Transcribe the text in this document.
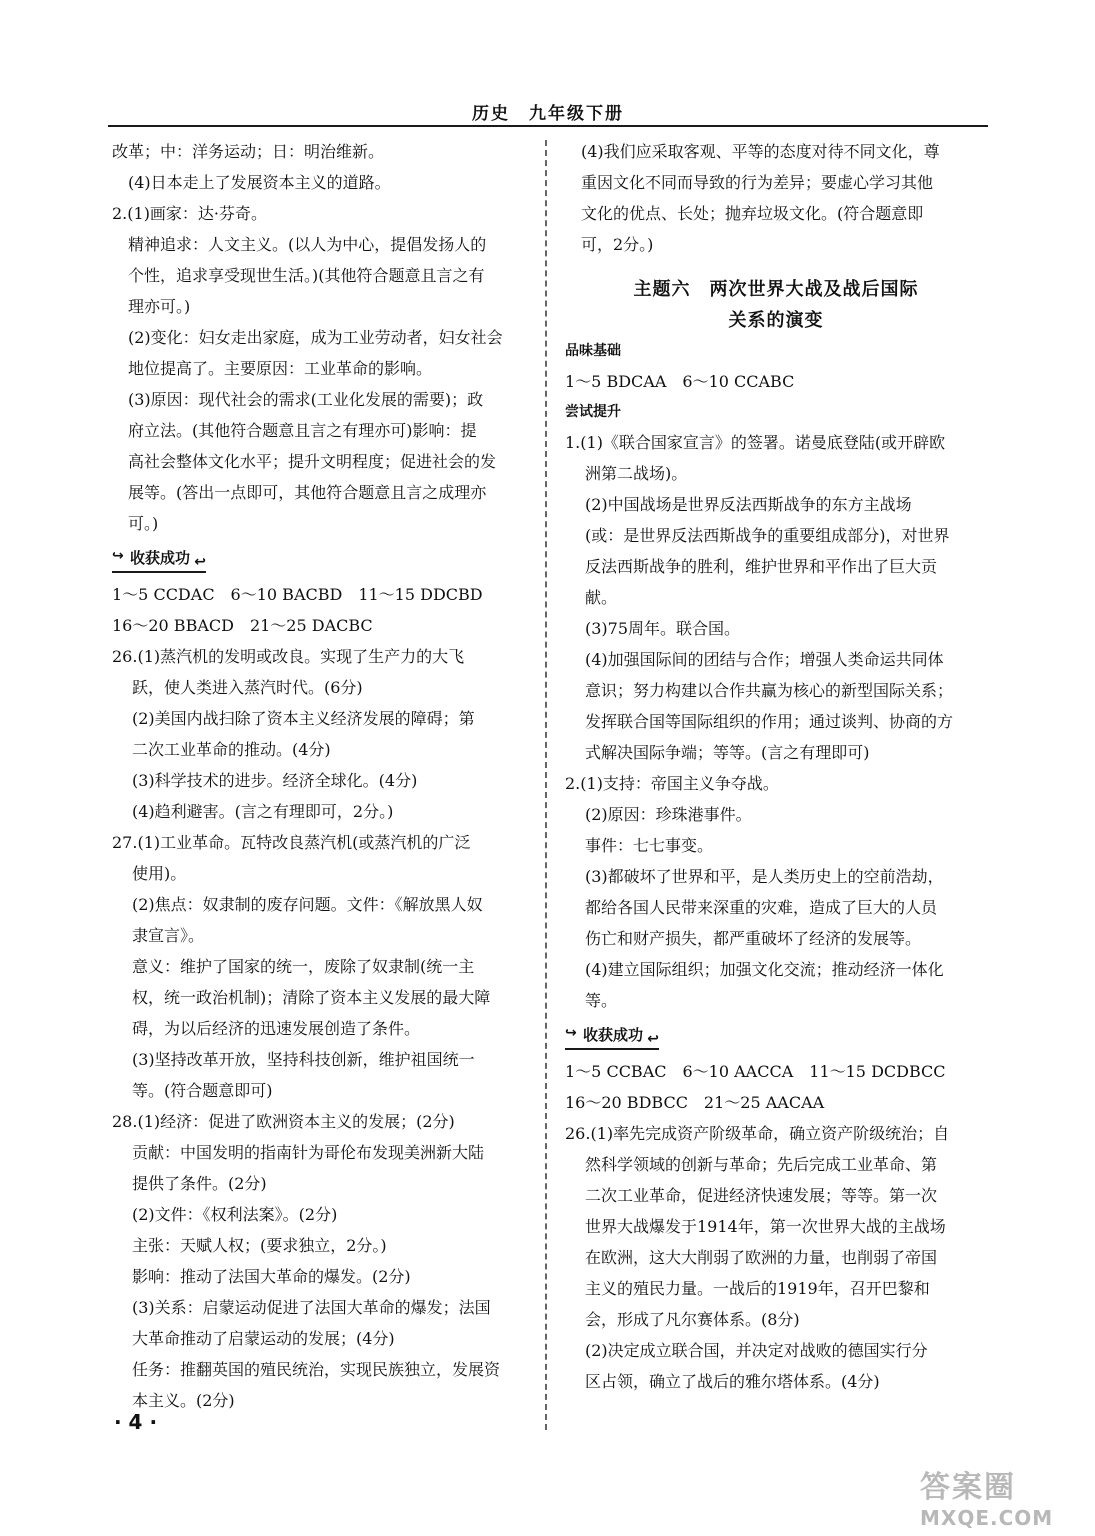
历史　九年级下册
改革；中：洋务运动；日：明治维新。
(4)日本走上了发展资本主义的道路。
2.(1)画家：达·芬奇。
精神追求：人文主义。(以人为中心，提倡发扬人的
个性，追求享受现世生活。)(其他符合题意且言之有
理亦可。)
(2)变化：妇女走出家庭，成为工业劳动者，妇女社会
地位提高了。主要原因：工业革命的影响。
(3)原因：现代社会的需求(工业化发展的需要)；政
府立法。(其他符合题意且言之有理亦可)影响：提
高社会整体文化水平；提升文明程度；促进社会的发
展等。(答出一点即可，其他符合题意且言之成理亦
可。)
↪ 收获成功 ↩
1～5 CCDAC　6～10 BACBD　11～15 DDCBD
16～20 BBACD　21～25 DACBC
26.(1)蒸汽机的发明或改良。实现了生产力的大飞
跃，使人类进入蒸汽时代。(6分)
(2)美国内战扫除了资本主义经济发展的障碍；第
二次工业革命的推动。(4分)
(3)科学技术的进步。经济全球化。(4分)
(4)趋利避害。(言之有理即可，2分。)
27.(1)工业革命。瓦特改良蒸汽机(或蒸汽机的广泛
使用)。
(2)焦点：奴隶制的废存问题。文件：《解放黑人奴
隶宣言》。
意义：维护了国家的统一，废除了奴隶制(统一主
权，统一政治机制)；清除了资本主义发展的最大障
碍，为以后经济的迅速发展创造了条件。
(3)坚持改革开放，坚持科技创新，维护祖国统一
等。(符合题意即可)
28.(1)经济：促进了欧洲资本主义的发展；(2分)
贡献：中国发明的指南针为哥伦布发现美洲新大陆
提供了条件。(2分)
(2)文件：《权利法案》。(2分)
主张：天赋人权；(要求独立，2分。)
影响：推动了法国大革命的爆发。(2分)
(3)关系：启蒙运动促进了法国大革命的爆发；法国
大革命推动了启蒙运动的发展；(4分)
任务：推翻英国的殖民统治，实现民族独立，发展资
本主义。(2分)
(4)我们应采取客观、平等的态度对待不同文化，尊
重因文化不同而导致的行为差异；要虚心学习其他
文化的优点、长处；抛弃垃圾文化。(符合题意即
可，2分。)
主题六　两次世界大战及战后国际
关系的演变
品味基础
1～5 BDCAA　6～10 CCABC
尝试提升
1.(1)《联合国家宣言》的签署。诺曼底登陆(或开辟欧
洲第二战场)。
(2)中国战场是世界反法西斯战争的东方主战场
(或：是世界反法西斯战争的重要组成部分)，对世界
反法西斯战争的胜利，维护世界和平作出了巨大贡
献。
(3)75周年。联合国。
(4)加强国际间的团结与合作；增强人类命运共同体
意识；努力构建以合作共赢为核心的新型国际关系；
发挥联合国等国际组织的作用；通过谈判、协商的方
式解决国际争端；等等。(言之有理即可)
2.(1)支持：帝国主义争夺战。
(2)原因：珍珠港事件。
事件：七七事变。
(3)都破坏了世界和平，是人类历史上的空前浩劫，
都给各国人民带来深重的灾难，造成了巨大的人员
伤亡和财产损失，都严重破坏了经济的发展等。
(4)建立国际组织；加强文化交流；推动经济一体化
等。
↪ 收获成功 ↩
1～5 CCBAC　6～10 AACCA　11～15 DCDBCC
16～20 BDBCC　21～25 AACAA
26.(1)率先完成资产阶级革命，确立资产阶级统治；自
然科学领域的创新与革命；先后完成工业革命、第
二次工业革命，促进经济快速发展；等等。第一次
世界大战爆发于1914年，第一次世界大战的主战场
在欧洲，这大大削弱了欧洲的力量，也削弱了帝国
主义的殖民力量。一战后的1919年，召开巴黎和
会，形成了凡尔赛体系。(8分)
(2)决定成立联合国，并决定对战败的德国实行分
区占领，确立了战后的雅尔塔体系。(4分)
· 4 ·
答案圈
MXQE.COM
